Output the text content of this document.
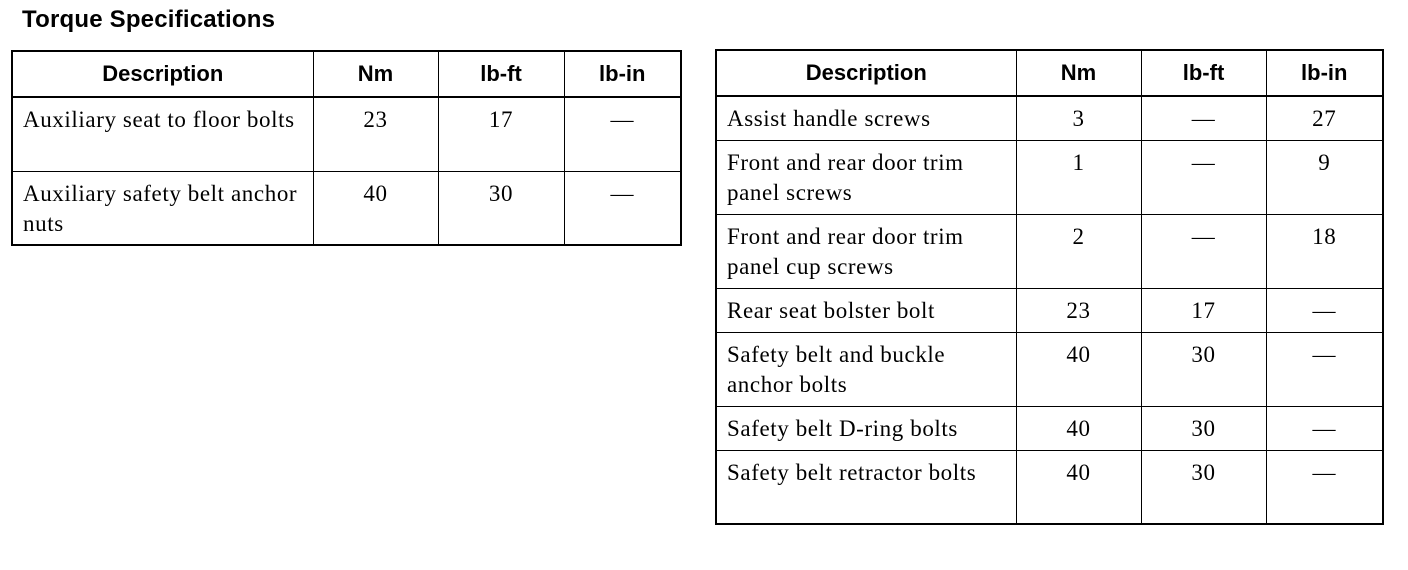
Torque Specifications
Description	Nm	lb-ft	lb-in
Auxiliary seat to floor bolts	23	17	—
Auxiliary safety belt anchor nuts	40	30	—
Description	Nm	lb-ft	lb-in
Assist handle screws	3	—	27
Front and rear door trim panel screws	1	—	9
Front and rear door trim panel cup screws	2	—	18
Rear seat bolster bolt	23	17	—
Safety belt and buckle anchor bolts	40	30	—
Safety belt D-ring bolts	40	30	—
Safety belt retractor bolts	40	30	—
